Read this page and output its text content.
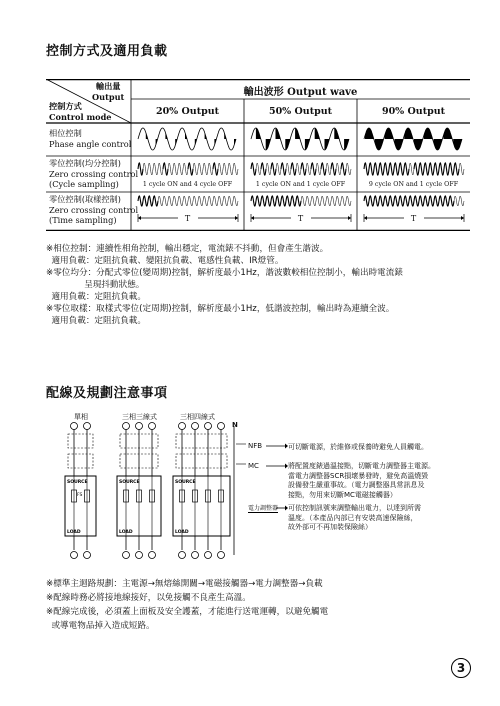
控制方式及適用負載
輸出量
Output
控制方式
Control mode
輸出波形 Output wave
20% Output	50% Output	90% Output
相位控制
Phase angle control
零位控制(均分控制)
Zero crossing control
(Cycle sampling)
零位控制(取樣控制)
Zero crossing control
(Time sampling)
1 cycle ON and 4 cycle OFF	1 cycle ON and 1 cycle OFF	9 cycle ON and 1 cycle OFF
T	T	T
※相位控制：連續性相角控制，輸出穩定，電流錶不抖動，但會產生諧波。
適用負載：定阻抗負載、變阻抗負載、電感性負載、IR燈管。
※零位均分：分配式零位(變周期)控制，解析度最小1Hz，諧波數較相位控制小，輸出時電流錶
呈現抖動狀態。
適用負載：定阻抗負載。
※零位取樣：取樣式零位(定周期)控制，解析度最小1Hz，低諧波控制，輸出時為連續全波。
適用負載：定阻抗負載。
配線及規劃注意事項
SOURCE
LOAD
SOURCE
LOAD
SOURCE
LOAD
FS
單相	三相三線式	三相四線式
N
NFB	可切斷電源，於維修或保養時避免人員觸電。
MC	將配置度錶過溫接點，切斷電力調整器主電源。
當電力調整器SCR損壞暴發時，避免高溫燒毀
設備發生嚴重事故。（電力調整器具常訊息及
接點，勿用來切斷MC電磁接觸器）
電力調整器 可依控制訊號來調整輸出電力，以達到所需
溫度。（本產品內部已有安裝高速保險絲，
故外部可不再加裝保險絲）
※標準主迴路規劃：主電源→無熔絲開關→電磁接觸器→電力調整器→負載
※配線時務必將接地線接好，以免接觸不良產生高溫。
※配線完成後，必須蓋上面板及安全護蓋，才能進行送電運轉，以避免觸電
或導電物品掉入造成短路。
3
